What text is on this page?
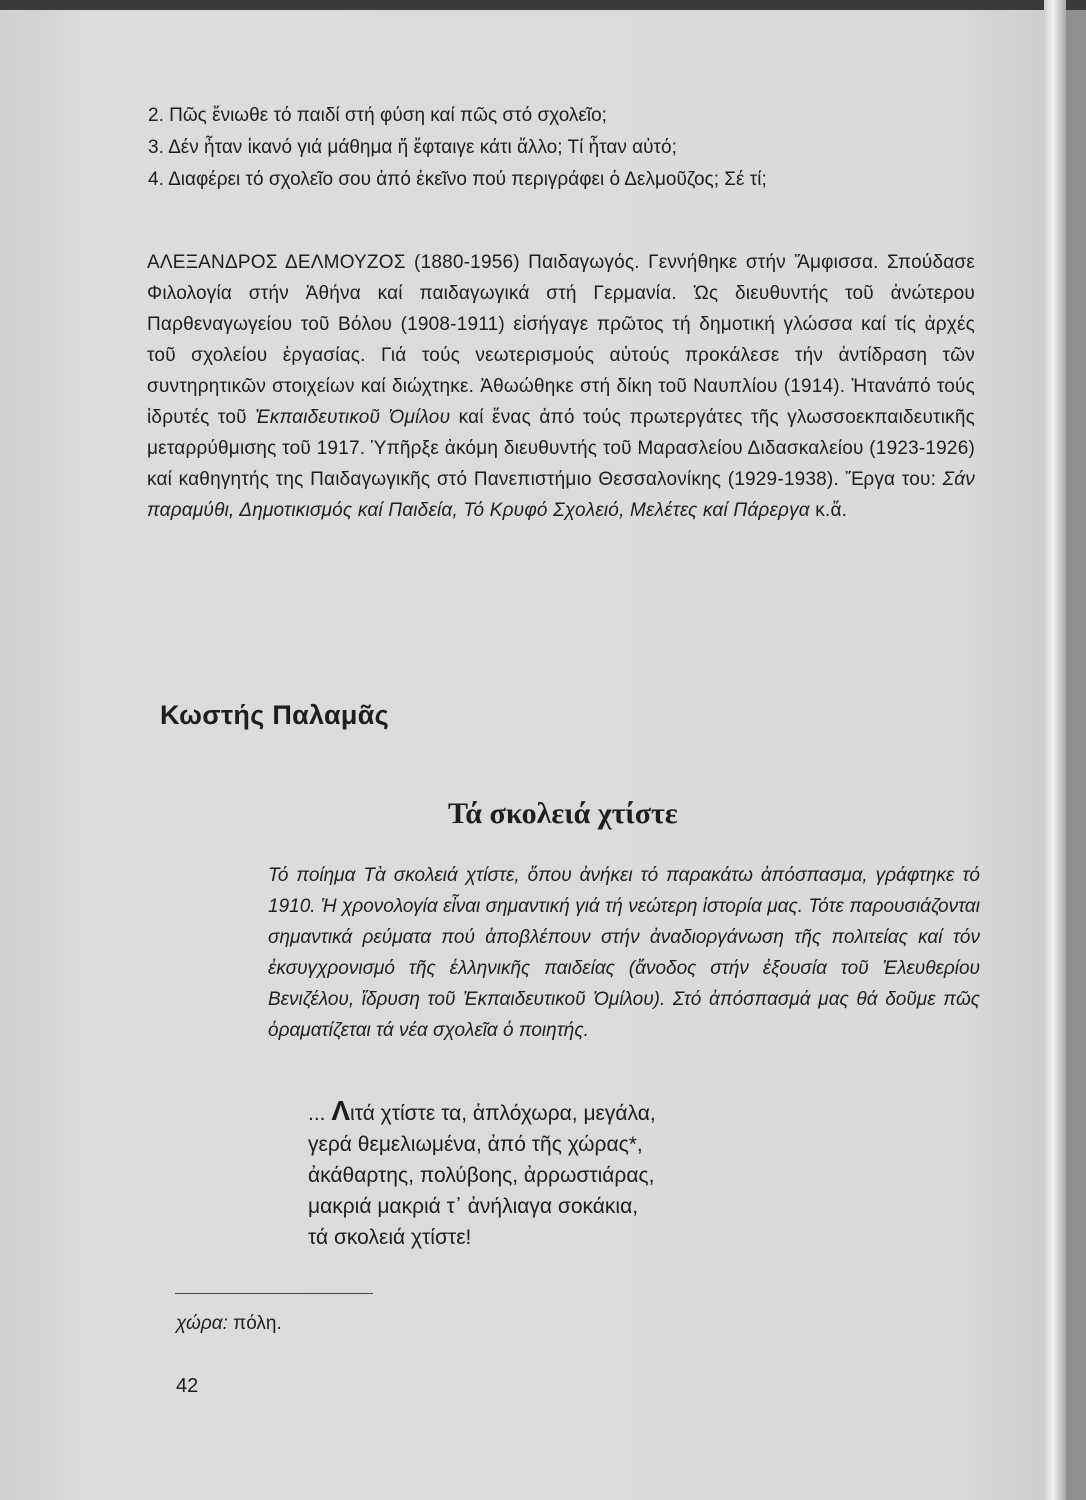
2. Πῶς ἔνιωθε τό παιδί στή φύση καί πῶς στό σχολεῖο;
3. Δέν ἦταν ἱκανό γιά μάθημα ἤ ἔφταιγε κάτι ἄλλο; Τί ἦταν αὐτό;
4. Διαφέρει τό σχολεῖο σου ἀπό ἐκεῖνο πού περιγράφει ὁ Δελμοῦζος; Σέ τί;

ΑΛΕΞΑΝΔΡΟΣ ΔΕΛΜΟΥΖΟΣ (1880-1956) Παιδαγωγός. Γεννήθηκε στήν Ἄμφισσα. Σπούδασε Φιλολογία στήν Ἀθήνα καί παιδαγωγικά στή Γερμανία. Ὡς διευθυντής τοῦ ἀνώτερου Παρθεναγωγείου τοῦ Βόλου (1908-1911) εἰσήγαγε πρῶτος τή δημοτική γλώσσα καί τίς ἀρχές τοῦ σχολείου ἐργασίας. Γιά τούς νεωτερισμούς αὐτούς προκάλεσε τήν ἀντίδραση τῶν συντηρητικῶν στοιχείων καί διώχτηκε. Ἀθωώθηκε στή δίκη τοῦ Ναυπλίου (1914). Ἠτανάπό τούς ἱδρυτές τοῦ Ἐκπαιδευτικοῦ Ὁμίλου καί ἕνας ἀπό τούς πρωτεργάτες τῆς γλωσσοεκπαιδευτικῆς μεταρρύθμισης τοῦ 1917. Ὑπῆρξε ἀκόμη διευθυντής τοῦ Μαρασλείου Διδασκαλείου (1923-1926) καί καθηγητής της Παιδαγωγικῆς στό Πανεπιστήμιο Θεσσαλονίκης (1929-1938). Ἔργα του: Σάν παραμύθι, Δημοτικισμός καί Παιδεία, Τό Κρυφό Σχολειό, Μελέτες καί Πάρεργα κ.ἄ.

Κωστής Παλαμᾶς
Τά σκολειά χτίστε

Τό ποίημα Τὰ σκολειά χτίστε, ὅπου ἀνήκει τό παρακάτω ἀπόσπασμα, γράφτηκε τό 1910. Ἡ χρονολογία εἶναι σημαντική γιά τή νεώτερη ἱστορία μας. Τότε παρουσιάζονται σημαντικά ρεύματα πού ἀποβλέπουν στήν ἀναδιοργάνωση τῆς πολιτείας καί τόν ἐκσυγχρονισμό τῆς ἑλληνικῆς παιδείας (ἄνοδος στήν ἐξουσία τοῦ Ἐλευθερίου Βενιζέλου, ἵδρυση τοῦ Ἐκπαιδευτικοῦ Ὁμίλου). Στό ἀπόσπασμά μας θά δοῦμε πῶς ὁραματίζεται τά νέα σχολεῖα ὁ ποιητής.

... Λιτά χτίστε τα, ἁπλόχωρα, μεγάλα,
γερά θεμελιωμένα, ἀπό τῆς χώρας*,
ἀκάθαρτης, πολύβοης, ἀρρωστιάρας,
μακριά μακριά τ᾿ ἀνήλιαγα σοκάκια,
τά σκολειά χτίστε!
χώρα: πόλη.
42
